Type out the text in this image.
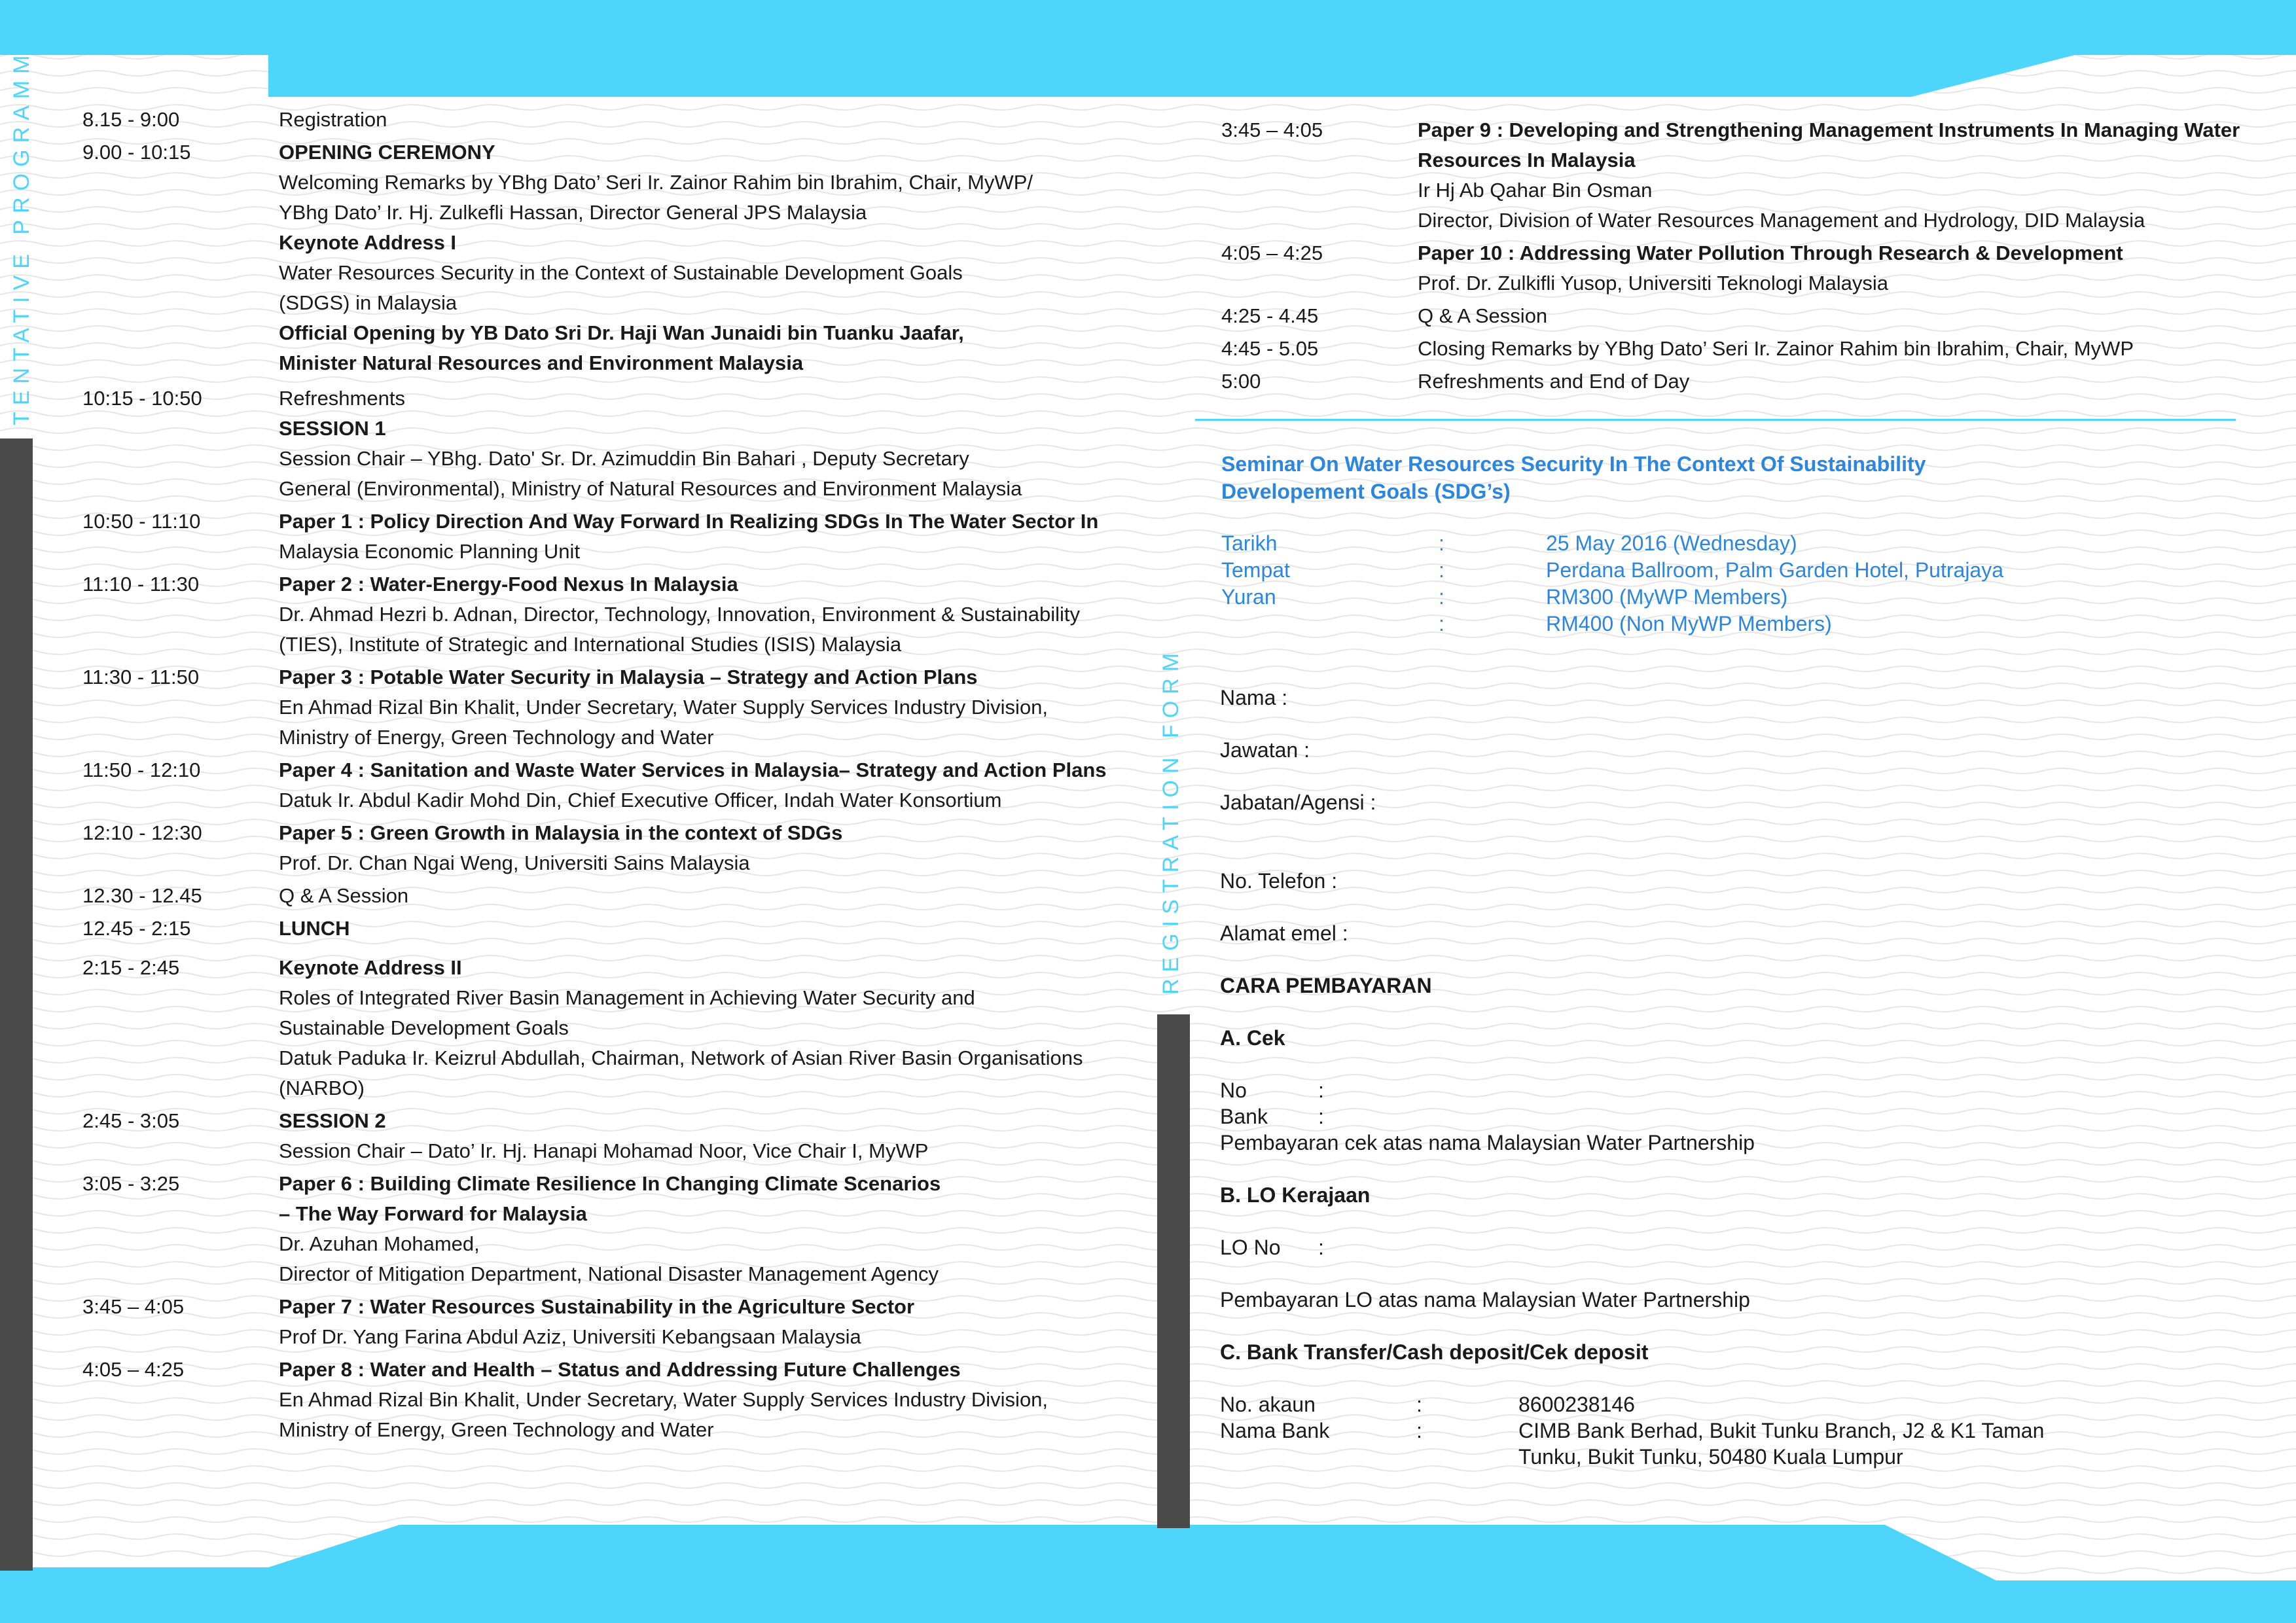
TENTATIVE PROGRAMME
REGISTRATION FORM
8.15 - 9:00	Registration
9.00 - 10:15	OPENING CEREMONY
Welcoming Remarks by YBhg Dato’ Seri Ir. Zainor Rahim bin Ibrahim, Chair, MyWP/
YBhg Dato’ Ir. Hj. Zulkefli Hassan, Director General JPS Malaysia
Keynote Address I
Water Resources Security in the Context of Sustainable Development Goals
(SDGS) in Malaysia
Official Opening by YB Dato Sri Dr. Haji Wan Junaidi bin Tuanku Jaafar,
Minister Natural Resources and Environment Malaysia
10:15 - 10:50	Refreshments
SESSION 1
Session Chair – YBhg. Dato' Sr. Dr. Azimuddin Bin Bahari , Deputy Secretary
General (Environmental), Ministry of Natural Resources and Environment Malaysia
10:50 - 11:10	Paper 1 : Policy Direction And Way Forward In Realizing SDGs In The Water Sector In
Malaysia Economic Planning Unit
11:10 - 11:30	Paper 2 : Water-Energy-Food Nexus In Malaysia
Dr. Ahmad Hezri b. Adnan, Director, Technology, Innovation, Environment & Sustainability
(TIES), Institute of Strategic and International Studies (ISIS) Malaysia
11:30 - 11:50	Paper 3 : Potable Water Security in Malaysia – Strategy and Action Plans
En Ahmad Rizal Bin Khalit, Under Secretary, Water Supply Services Industry Division,
Ministry of Energy, Green Technology and Water
11:50 - 12:10	Paper 4 : Sanitation and Waste Water Services in Malaysia– Strategy and Action Plans
Datuk Ir. Abdul Kadir Mohd Din, Chief Executive Officer, Indah Water Konsortium
12:10 - 12:30	Paper 5 : Green Growth in Malaysia in the context of SDGs
Prof. Dr. Chan Ngai Weng, Universiti Sains Malaysia
12.30 - 12.45	Q & A Session
12.45 - 2:15	LUNCH
2:15 - 2:45	Keynote Address II
Roles of Integrated River Basin Management in Achieving Water Security and
Sustainable Development Goals
Datuk Paduka Ir. Keizrul Abdullah, Chairman, Network of Asian River Basin Organisations
(NARBO)
2:45 - 3:05	SESSION 2
Session Chair – Dato’ Ir. Hj. Hanapi Mohamad Noor, Vice Chair I, MyWP
3:05 - 3:25	Paper 6 : Building Climate Resilience In Changing Climate Scenarios
– The Way Forward for Malaysia
Dr. Azuhan Mohamed,
Director of Mitigation Department, National Disaster Management Agency
3:45 – 4:05	Paper 7 : Water Resources Sustainability in the Agriculture Sector
Prof Dr. Yang Farina Abdul Aziz, Universiti Kebangsaan Malaysia
4:05 – 4:25	Paper 8 : Water and Health – Status and Addressing Future Challenges
En Ahmad Rizal Bin Khalit, Under Secretary, Water Supply Services Industry Division,
Ministry of Energy, Green Technology and Water
3:45 – 4:05	Paper 9 : Developing and Strengthening Management Instruments In Managing Water
Resources In Malaysia
Ir Hj Ab Qahar Bin Osman
Director, Division of Water Resources Management and Hydrology, DID Malaysia
4:05 – 4:25	Paper 10 : Addressing Water Pollution Through Research & Development
Prof. Dr. Zulkifli Yusop, Universiti Teknologi Malaysia
4:25 - 4.45	Q & A Session
4:45 - 5.05	Closing Remarks by YBhg Dato’ Seri Ir. Zainor Rahim bin Ibrahim, Chair, MyWP
5:00	Refreshments and End of Day
Seminar On Water Resources Security In The Context Of Sustainability
Developement Goals (SDG’s)
Tarikh	:	25 May 2016 (Wednesday)
Tempat	:	Perdana Ballroom, Palm Garden Hotel, Putrajaya
Yuran	:	RM300 (MyWP Members)
:	RM400 (Non MyWP Members)
Nama :
Jawatan :
Jabatan/Agensi :
No. Telefon :
Alamat emel :
CARA PEMBAYARAN
A. Cek
No	:
Bank :
Pembayaran cek atas nama Malaysian Water Partnership
B. LO Kerajaan
LO No :
Pembayaran LO atas nama Malaysian Water Partnership
C. Bank Transfer/Cash deposit/Cek deposit
No. akaun	:	8600238146
Nama Bank	:	CIMB Bank Berhad, Bukit Tunku Branch, J2 & K1 Taman
Tunku, Bukit Tunku, 50480 Kuala Lumpur
